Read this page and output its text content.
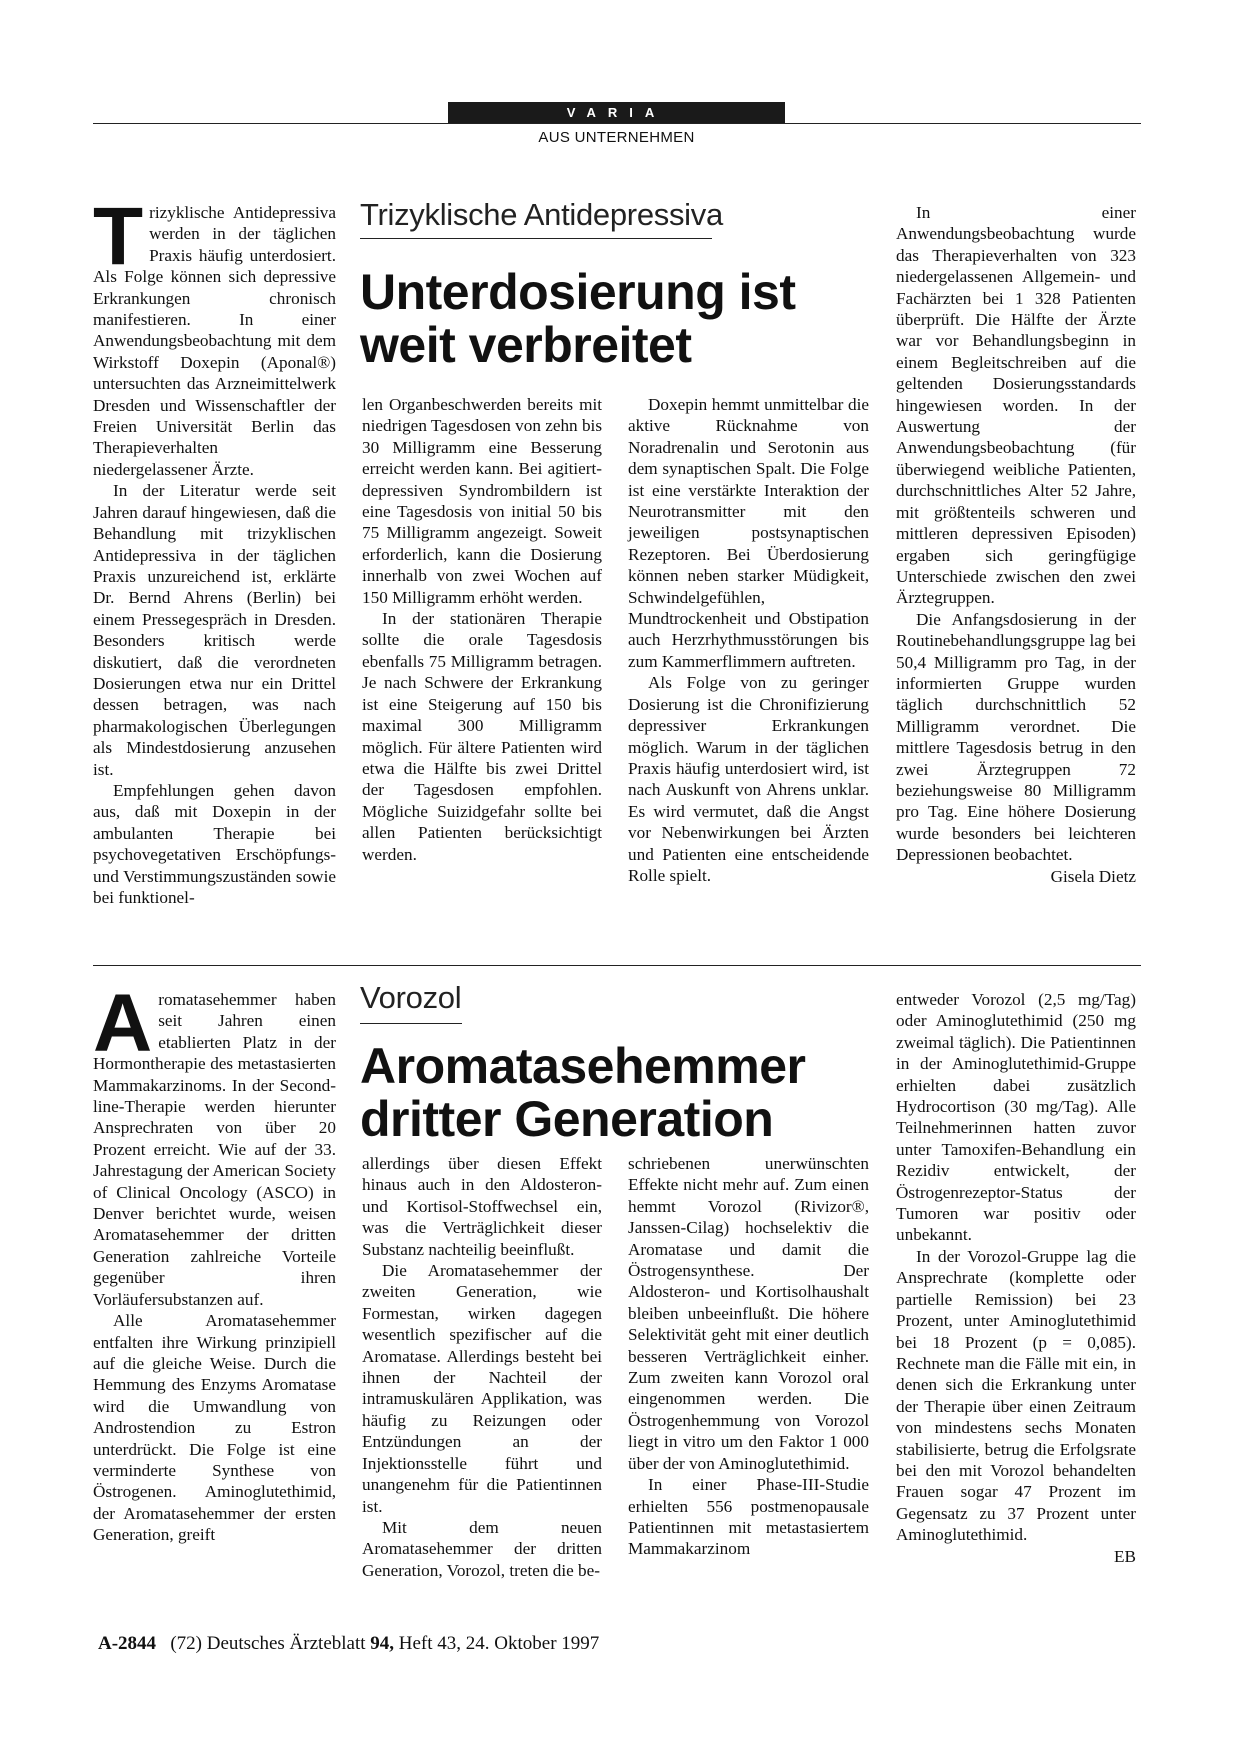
VARIA
AUS UNTERNEHMEN

Trizyklische Antidepressiva werden in der täglichen Praxis häufig unterdosiert. Als Folge können sich depressive Erkrankungen chronisch manifestieren. In einer Anwendungsbeobachtung mit dem Wirkstoff Doxepin (Aponal®) untersuchten das Arzneimittelwerk Dresden und Wissenschaftler der Freien Universität Berlin das Therapieverhalten niedergelassener Ärzte.

In der Literatur werde seit Jahren darauf hingewiesen, daß die Behandlung mit trizyklischen Antidepressiva in der täglichen Praxis unzureichend ist, erklärte Dr. Bernd Ahrens (Berlin) bei einem Pressegespräch in Dresden. Besonders kritisch werde diskutiert, daß die verordneten Dosierungen etwa nur ein Drittel dessen betragen, was nach pharmakologischen Überlegungen als Mindestdosierung anzusehen ist.

Empfehlungen gehen davon aus, daß mit Doxepin in der ambulanten Therapie bei psychovegetativen Erschöpfungs- und Verstimmungszuständen sowie bei funktionel-

Trizyklische Antidepressiva
Unterdosierung ist
weit verbreitet

len Organbeschwerden bereits mit niedrigen Tagesdosen von zehn bis 30 Milligramm eine Besserung erreicht werden kann. Bei agitiert-depressiven Syndrombildern ist eine Tagesdosis von initial 50 bis 75 Milligramm angezeigt. Soweit erforderlich, kann die Dosierung innerhalb von zwei Wochen auf 150 Milligramm erhöht werden.

In der stationären Therapie sollte die orale Tagesdosis ebenfalls 75 Milligramm betragen. Je nach Schwere der Erkrankung ist eine Steigerung auf 150 bis maximal 300 Milligramm möglich. Für ältere Patienten wird etwa die Hälfte bis zwei Drittel der Tagesdosen empfohlen. Mögliche Suizidgefahr sollte bei allen Patienten berücksichtigt werden.

Doxepin hemmt unmittelbar die aktive Rücknahme von Noradrenalin und Serotonin aus dem synaptischen Spalt. Die Folge ist eine verstärkte Interaktion der Neurotransmitter mit den jeweiligen postsynaptischen Rezeptoren. Bei Überdosierung können neben starker Müdigkeit, Schwindelgefühlen, Mundtrockenheit und Obstipation auch Herzrhythmusstörungen bis zum Kammerflimmern auftreten.

Als Folge von zu geringer Dosierung ist die Chronifizierung depressiver Erkrankungen möglich. Warum in der täglichen Praxis häufig unterdosiert wird, ist nach Auskunft von Ahrens unklar. Es wird vermutet, daß die Angst vor Nebenwirkungen bei Ärzten und Patienten eine entscheidende Rolle spielt.

In einer Anwendungsbeobachtung wurde das Therapieverhalten von 323 niedergelassenen Allgemein- und Fachärzten bei 1 328 Patienten überprüft. Die Hälfte der Ärzte war vor Behandlungsbeginn in einem Begleitschreiben auf die geltenden Dosierungsstandards hingewiesen worden. In der Auswertung der Anwendungsbeobachtung (für überwiegend weibliche Patienten, durchschnittliches Alter 52 Jahre, mit größtenteils schweren und mittleren depressiven Episoden) ergaben sich geringfügige Unterschiede zwischen den zwei Ärztegruppen.

Die Anfangsdosierung in der Routinebehandlungsgruppe lag bei 50,4 Milligramm pro Tag, in der informierten Gruppe wurden täglich durchschnittlich 52 Milligramm verordnet. Die mittlere Tagesdosis betrug in den zwei Ärztegruppen 72 beziehungsweise 80 Milligramm pro Tag. Eine höhere Dosierung wurde besonders bei leichteren Depressionen beobachtet.

Gisela Dietz

Aromatasehemmer haben seit Jahren einen etablierten Platz in der Hormontherapie des metastasierten Mammakarzinoms. In der Second-line-Therapie werden hierunter Ansprechraten von über 20 Prozent erreicht. Wie auf der 33. Jahrestagung der American Society of Clinical Oncology (ASCO) in Denver berichtet wurde, weisen Aromatasehemmer der dritten Generation zahlreiche Vorteile gegenüber ihren Vorläufersubstanzen auf.

Alle Aromatasehemmer entfalten ihre Wirkung prinzipiell auf die gleiche Weise. Durch die Hemmung des Enzyms Aromatase wird die Umwandlung von Androstendion zu Estron unterdrückt. Die Folge ist eine verminderte Synthese von Östrogenen. Aminoglutethimid, der Aromatasehemmer der ersten Generation, greift

Vorozol
Aromatasehemmer
dritter Generation

allerdings über diesen Effekt hinaus auch in den Aldosteron- und Kortisol-Stoffwechsel ein, was die Verträglichkeit dieser Substanz nachteilig beeinflußt.

Die Aromatasehemmer der zweiten Generation, wie Formestan, wirken dagegen wesentlich spezifischer auf die Aromatase. Allerdings besteht bei ihnen der Nachteil der intramuskulären Applikation, was häufig zu Reizungen oder Entzündungen an der Injektionsstelle führt und unangenehm für die Patientinnen ist.

Mit dem neuen Aromatasehemmer der dritten Generation, Vorozol, treten die be-

schriebenen unerwünschten Effekte nicht mehr auf. Zum einen hemmt Vorozol (Rivizor®, Janssen-Cilag) hochselektiv die Aromatase und damit die Östrogensynthese. Der Aldosteron- und Kortisolhaushalt bleiben unbeeinflußt. Die höhere Selektivität geht mit einer deutlich besseren Verträglichkeit einher. Zum zweiten kann Vorozol oral eingenommen werden. Die Östrogenhemmung von Vorozol liegt in vitro um den Faktor 1 000 über der von Aminoglutethimid.

In einer Phase-III-Studie erhielten 556 postmenopausale Patientinnen mit metastasiertem Mammakarzinom

entweder Vorozol (2,5 mg/Tag) oder Aminoglutethimid (250 mg zweimal täglich). Die Patientinnen in der Aminoglutethimid-Gruppe erhielten dabei zusätzlich Hydrocortison (30 mg/Tag). Alle Teilnehmerinnen hatten zuvor unter Tamoxifen-Behandlung ein Rezidiv entwickelt, der Östrogenrezeptor-Status der Tumoren war positiv oder unbekannt.

In der Vorozol-Gruppe lag die Ansprechrate (komplette oder partielle Remission) bei 23 Prozent, unter Aminoglutethimid bei 18 Prozent (p = 0,085). Rechnete man die Fälle mit ein, in denen sich die Erkrankung unter der Therapie über einen Zeitraum von mindestens sechs Monaten stabilisierte, betrug die Erfolgsrate bei den mit Vorozol behandelten Frauen sogar 47 Prozent im Gegensatz zu 37 Prozent unter Aminoglutethimid.

EB
A-2844 (72) Deutsches Ärzteblatt 94, Heft 43, 24. Oktober 1997
